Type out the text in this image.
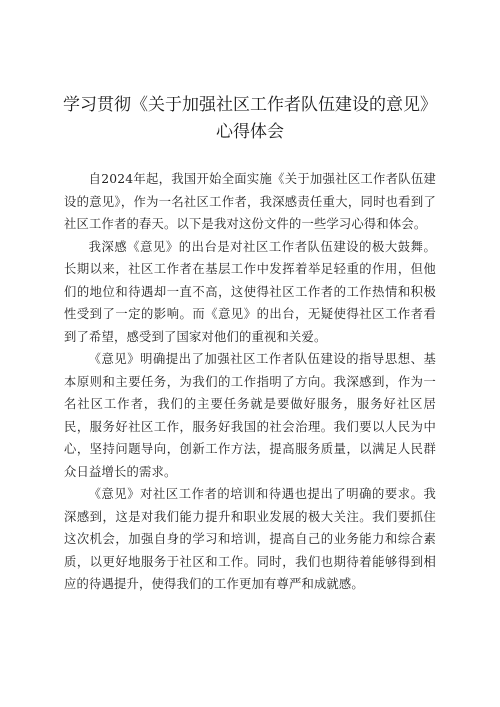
学习贯彻《关于加强社区工作者队伍建设的意见》心得体会

自2024年起，我国开始全面实施《关于加强社区工作者队伍建设的意见》，作为一名社区工作者，我深感责任重大，同时也看到了社区工作者的春天。以下是我对这份文件的一些学习心得和体会。

我深感《意见》的出台是对社区工作者队伍建设的极大鼓舞。长期以来，社区工作者在基层工作中发挥着举足轻重的作用，但他们的地位和待遇却一直不高，这使得社区工作者的工作热情和积极性受到了一定的影响。而《意见》的出台，无疑使得社区工作者看到了希望，感受到了国家对他们的重视和关爱。

《意见》明确提出了加强社区工作者队伍建设的指导思想、基本原则和主要任务，为我们的工作指明了方向。我深感到，作为一名社区工作者，我们的主要任务就是要做好服务，服务好社区居民，服务好社区工作，服务好我国的社会治理。我们要以人民为中心，坚持问题导向，创新工作方法，提高服务质量，以满足人民群众日益增长的需求。

《意见》对社区工作者的培训和待遇也提出了明确的要求。我深感到，这是对我们能力提升和职业发展的极大关注。我们要抓住这次机会，加强自身的学习和培训，提高自己的业务能力和综合素质，以更好地服务于社区和工作。同时，我们也期待着能够得到相应的待遇提升，使得我们的工作更加有尊严和成就感。
